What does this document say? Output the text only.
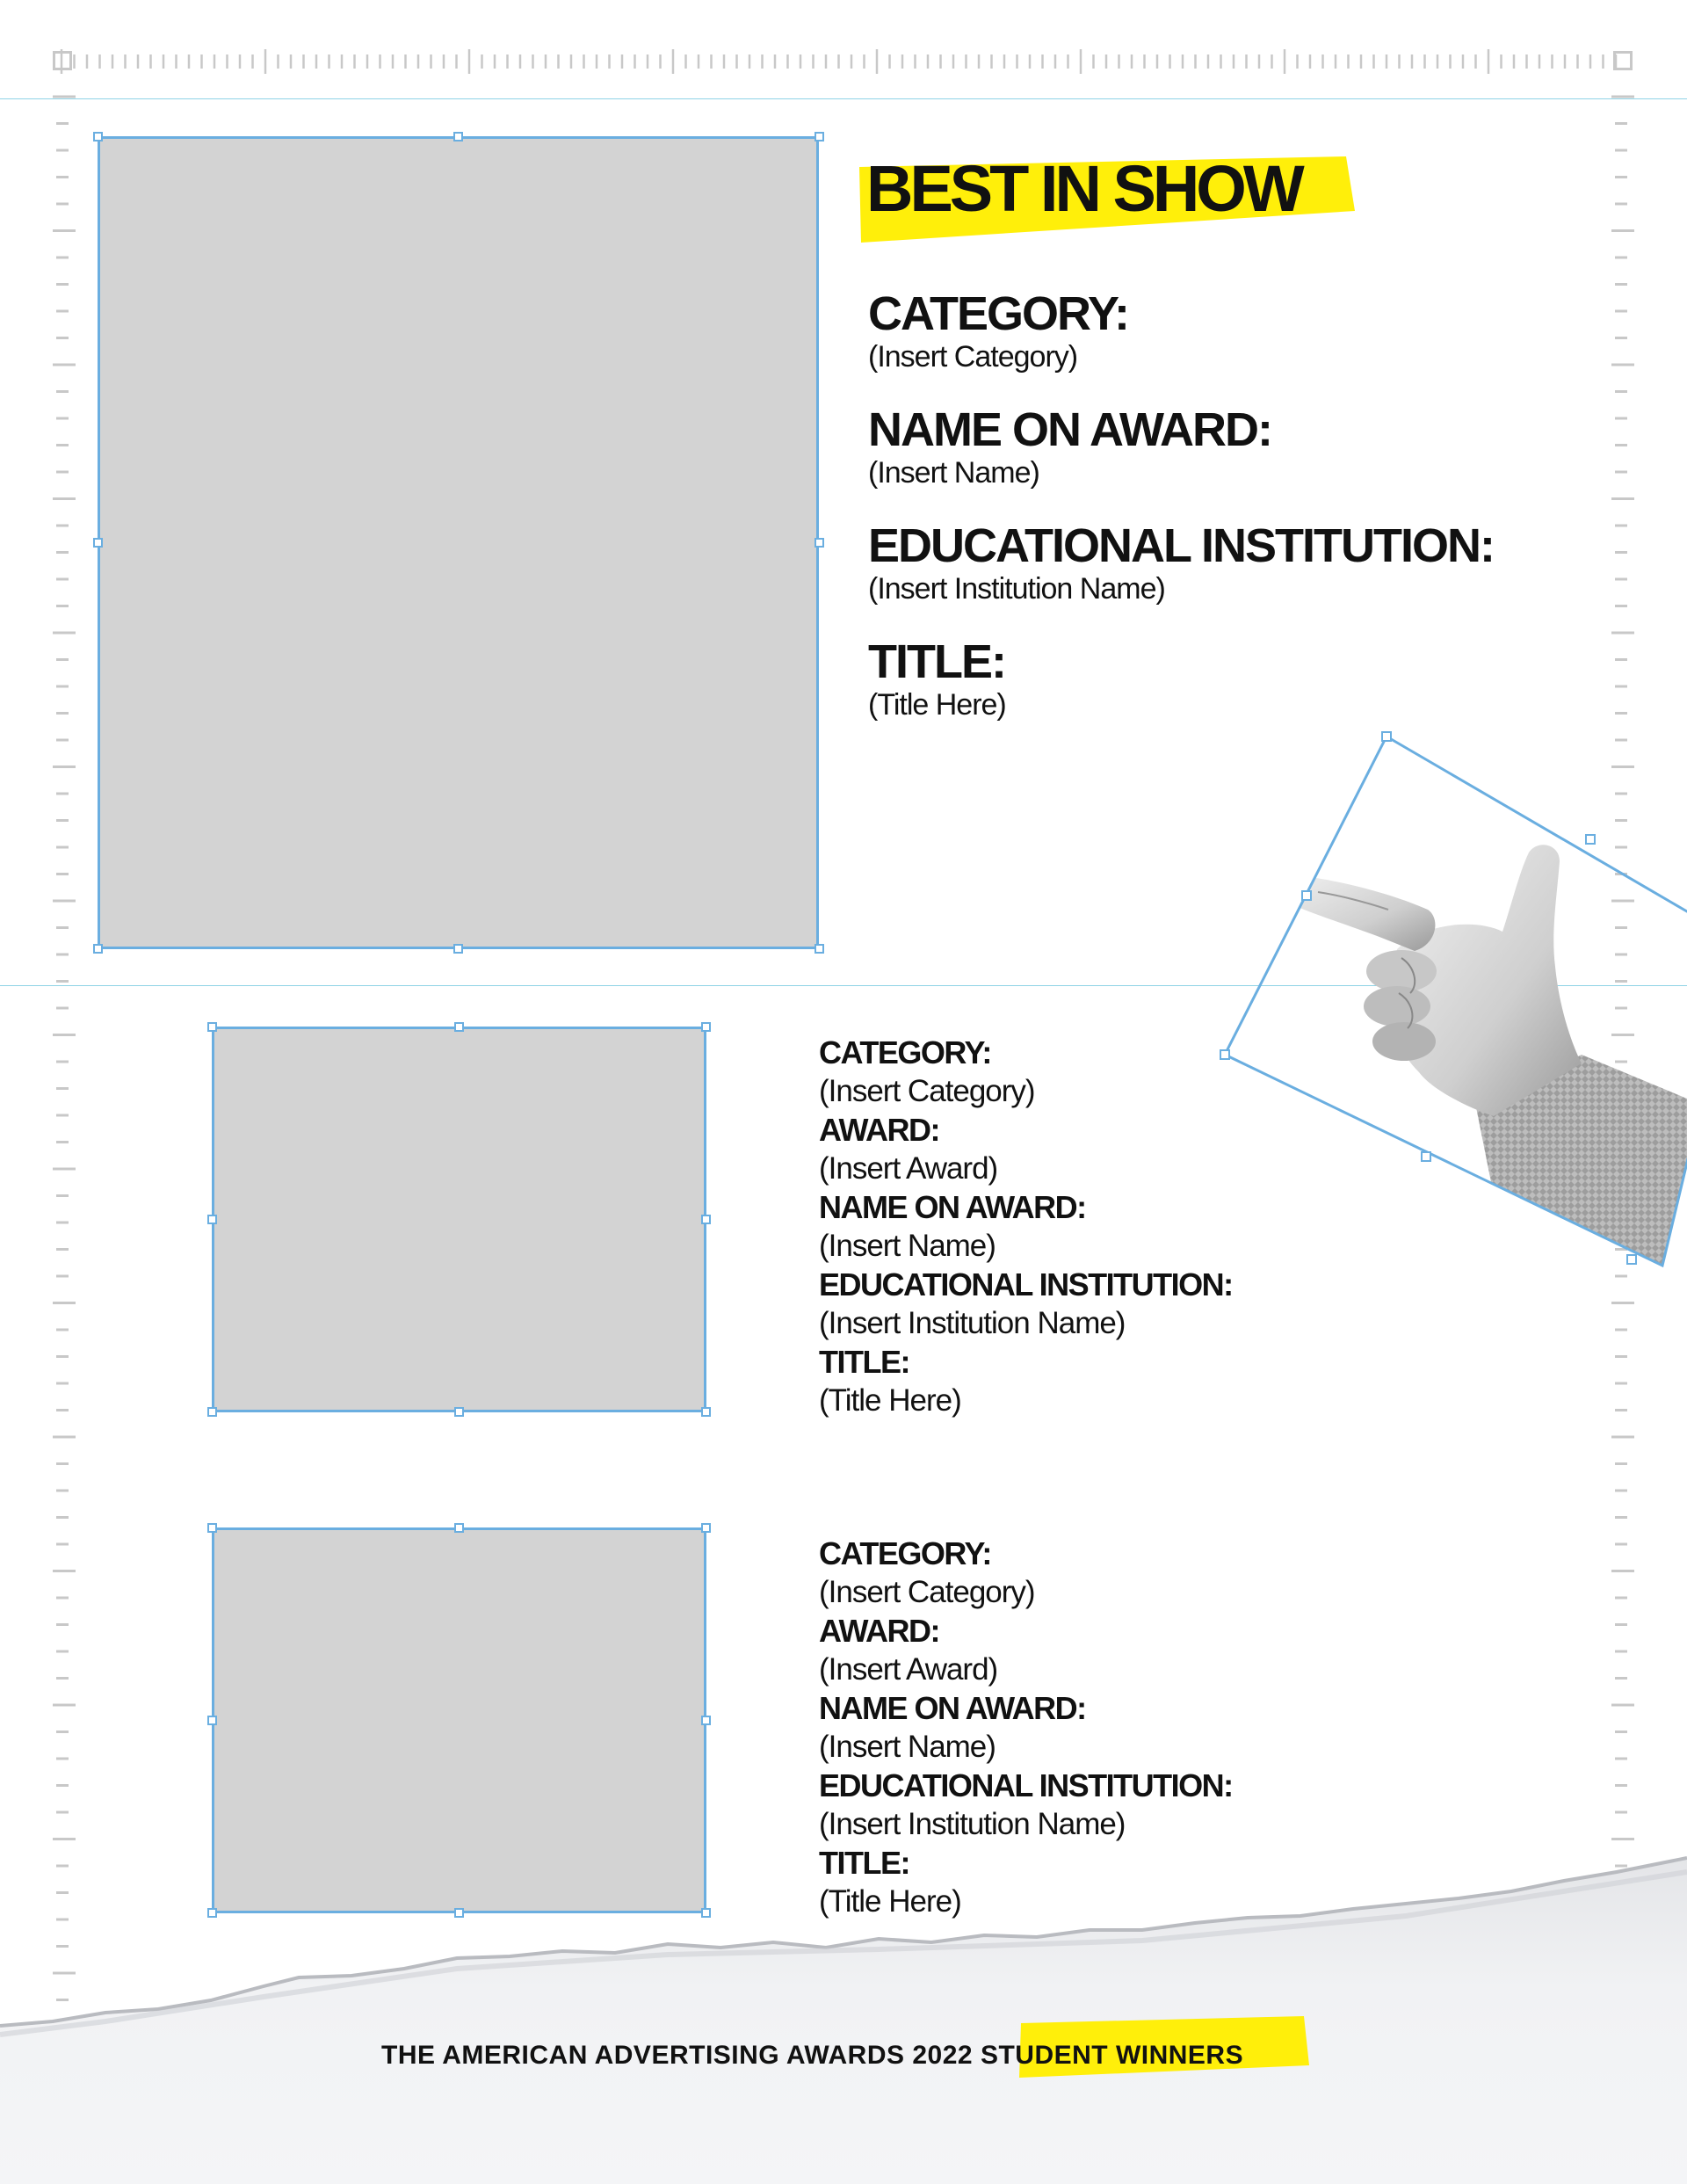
BEST IN SHOW
CATEGORY:
(Insert Category)
NAME ON AWARD:
(Insert Name)
EDUCATIONAL INSTITUTION:
(Insert Institution Name)
TITLE:
(Title Here)
CATEGORY:
(Insert Category)
AWARD:
(Insert Award)
NAME ON AWARD:
(Insert Name)
EDUCATIONAL INSTITUTION:
(Insert Institution Name)
TITLE:
(Title Here)
CATEGORY:
(Insert Category)
AWARD:
(Insert Award)
NAME ON AWARD:
(Insert Name)
EDUCATIONAL INSTITUTION:
(Insert Institution Name)
TITLE:
(Title Here)
THE AMERICAN ADVERTISING AWARDS 2022 STUDENT WINNERS
